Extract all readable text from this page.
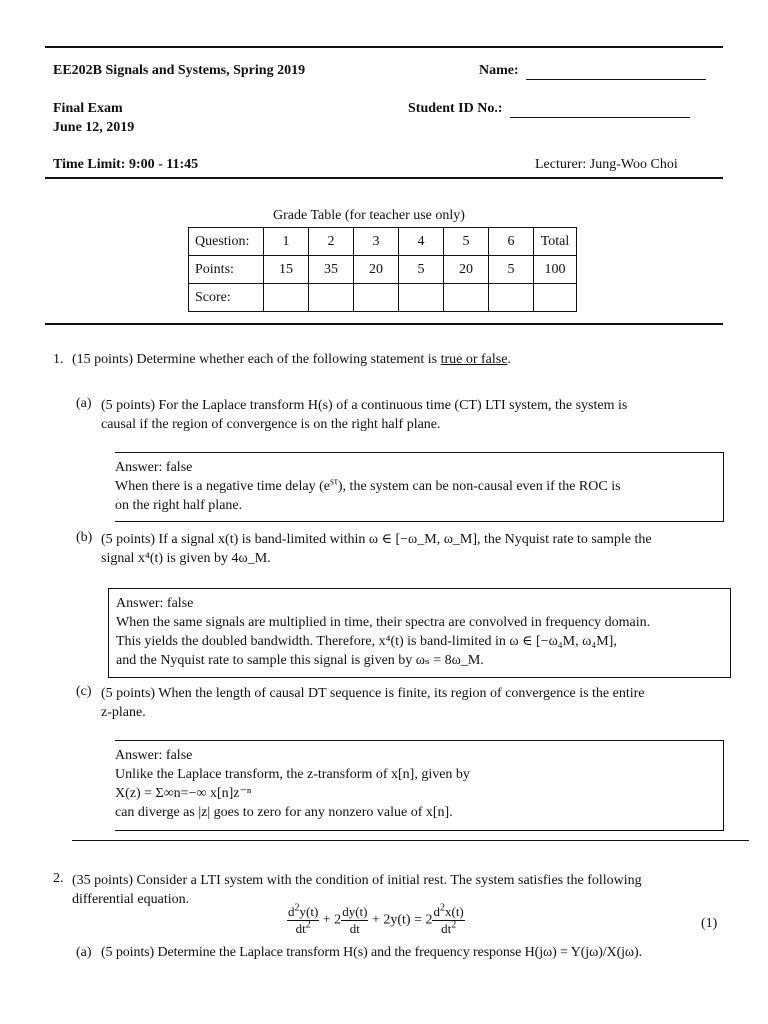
EE202B Signals and Systems, Spring 2019	Name:
Final Exam
June 12, 2019
Student ID No.:
Time Limit: 9:00 - 11:45	Lecturer: Jung-Woo Choi
Grade Table (for teacher use only)
Question:	1	2	3	4	5	6	Total
Points:	15	35	20	5	20	5	100
Score:							
1. (15 points) Determine whether each of the following statement is true or false.
(a) (5 points) For the Laplace transform H(s) of a continuous time (CT) LTI system, the system is
causal if the region of convergence is on the right half plane.
Answer: false
When there is a negative time delay $(e^{s\tau})$, the system can be non-causal even if the ROC is
on the right half plane.
(b) (5 points) If a signal x(t) is band-limited within ω ∈ [−ω_M, ω_M], the Nyquist rate to sample the
signal x⁴(t) is given by 4ω_M.
Answer: false
When the same signals are multiplied in time, their spectra are convolved in frequency domain.
This yields the doubled bandwidth. Therefore, x⁴(t) is band-limited in ω ∈ [−ω₄M, ω₄M],
and the Nyquist rate to sample this signal is given by ωₛ = 8ω_M.
(c) (5 points) When the length of causal DT sequence is finite, its region of convergence is the entire
z-plane.
Answer: false
Unlike the Laplace transform, the z-transform of x[n], given by
X(z) = Σ∞n=−∞ x[n]z⁻ⁿ
can diverge as |z| goes to zero for any nonzero value of x[n].
2. (35 points) Consider a LTI system with the condition of initial rest. The system satisfies the following
differential equation.
$\frac{d^2y(t)}{dt^2} + 2 \frac{dy(t)}{dt} + 2y(t) = 2 \frac{d^2x(t)}{dt^2}$	(1)
(a) (5 points) Determine the Laplace transform H(s) and the frequency response H(jω) = Y(jω)/X(jω).
